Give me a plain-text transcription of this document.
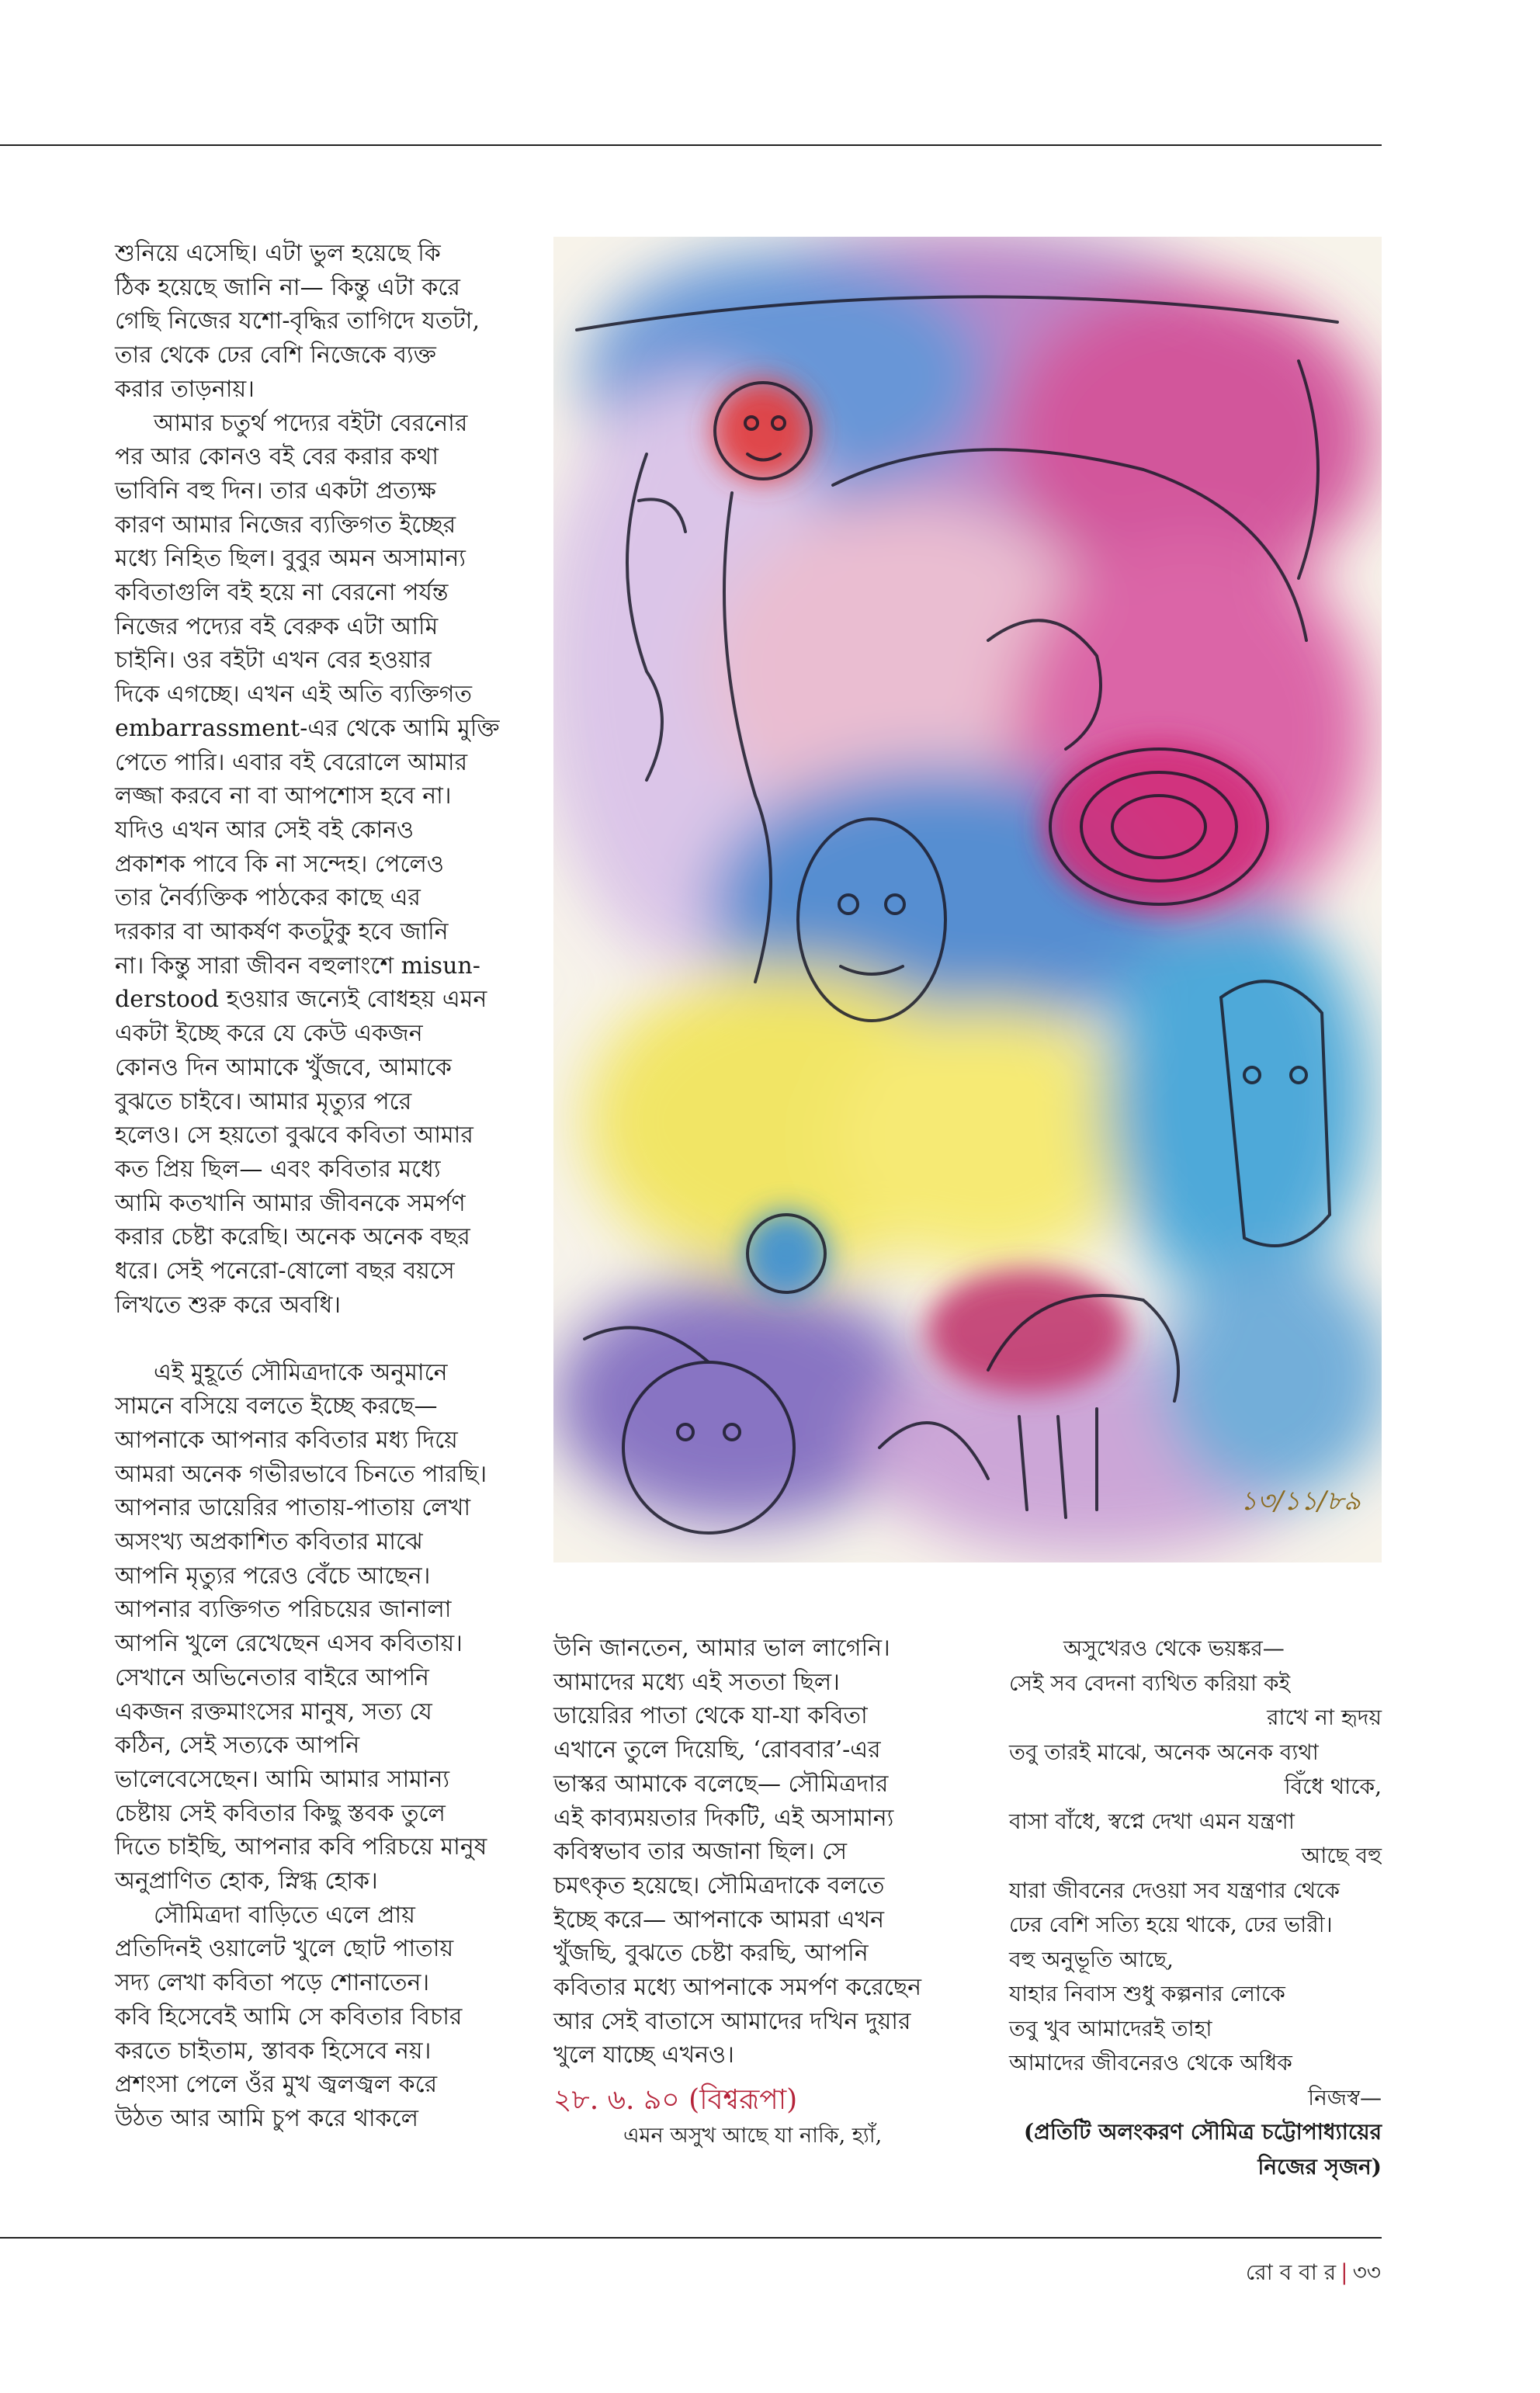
শুনিয়ে এসেছি। এটা ভুল হয়েছে কি
ঠিক হয়েছে জানি না— কিন্তু এটা করে
গেছি নিজের যশো-বৃদ্ধির তাগিদে যতটা,
তার থেকে ঢের বেশি নিজেকে ব্যক্ত
করার তাড়নায়।

আমার চতুর্থ পদ্যের বইটা বেরনোর
পর আর কোনও বই বের করার কথা
ভাবিনি বহু দিন। তার একটা প্রত্যক্ষ
কারণ আমার নিজের ব্যক্তিগত ইচ্ছের
মধ্যে নিহিত ছিল। বুবুর অমন অসামান্য
কবিতাগুলি বই হয়ে না বেরনো পর্যন্ত
নিজের পদ্যের বই বেরুক এটা আমি
চাইনি। ওর বইটা এখন বের হওয়ার
দিকে এগচ্ছে। এখন এই অতি ব্যক্তিগত
embarrassment-এর থেকে আমি মুক্তি
পেতে পারি। এবার বই বেরোলে আমার
লজ্জা করবে না বা আপশোস হবে না।
যদিও এখন আর সেই বই কোনও
প্রকাশক পাবে কি না সন্দেহ। পেলেও
তার নৈর্ব্যক্তিক পাঠকের কাছে এর
দরকার বা আকর্ষণ কতটুকু হবে জানি
না। কিন্তু সারা জীবন বহুলাংশে misun-
derstood হওয়ার জন্যেই বোধহয় এমন
একটা ইচ্ছে করে যে কেউ একজন
কোনও দিন আমাকে খুঁজবে, আমাকে
বুঝতে চাইবে। আমার মৃত্যুর পরে
হলেও। সে হয়তো বুঝবে কবিতা আমার
কত প্রিয় ছিল— এবং কবিতার মধ্যে
আমি কতখানি আমার জীবনকে সমর্পণ
করার চেষ্টা করেছি। অনেক অনেক বছর
ধরে। সেই পনেরো-ষোলো বছর বয়সে
লিখতে শুরু করে অবধি।

এই মুহূর্তে সৌমিত্রদাকে অনুমানে
সামনে বসিয়ে বলতে ইচ্ছে করছে—
আপনাকে আপনার কবিতার মধ্য দিয়ে
আমরা অনেক গভীরভাবে চিনতে পারছি।
আপনার ডায়েরির পাতায়-পাতায় লেখা
অসংখ্য অপ্রকাশিত কবিতার মাঝে
আপনি মৃত্যুর পরেও বেঁচে আছেন।
আপনার ব্যক্তিগত পরিচয়ের জানালা
আপনি খুলে রেখেছেন এসব কবিতায়।
সেখানে অভিনেতার বাইরে আপনি
একজন রক্তমাংসের মানুষ, সত্য যে
কঠিন, সেই সত্যকে আপনি
ভালেবেসেছেন। আমি আমার সামান্য
চেষ্টায় সেই কবিতার কিছু স্তবক তুলে
দিতে চাইছি, আপনার কবি পরিচয়ে মানুষ
অনুপ্রাণিত হোক, স্নিগ্ধ হোক।

সৌমিত্রদা বাড়িতে এলে প্রায়
প্রতিদিনই ওয়ালেট খুলে ছোট পাতায়
সদ্য লেখা কবিতা পড়ে শোনাতেন।
কবি হিসেবেই আমি সে কবিতার বিচার
করতে চাইতাম, স্তাবক হিসেবে নয়।
প্রশংসা পেলে ওঁর মুখ জ্বলজ্বল করে
উঠত আর আমি চুপ করে থাকলে

১৩/১১/৮৯

উনি জানতেন, আমার ভাল লাগেনি।
আমাদের মধ্যে এই সততা ছিল।
ডায়েরির পাতা থেকে যা-যা কবিতা
এখানে তুলে দিয়েছি, ‘রোববার’-এর
ভাস্কর আমাকে বলেছে— সৌমিত্রদার
এই কাব্যময়তার দিকটি, এই অসামান্য
কবিস্বভাব তার অজানা ছিল। সে
চমৎকৃত হয়েছে। সৌমিত্রদাকে বলতে
ইচ্ছে করে— আপনাকে আমরা এখন
খুঁজছি, বুঝতে চেষ্টা করছি, আপনি
কবিতার মধ্যে আপনাকে সমর্পণ করেছেন
আর সেই বাতাসে আমাদের দখিন দুয়ার
খুলে যাচ্ছে এখনও।

২৮. ৬. ৯০ (বিশ্বরূপা)

এমন অসুখ আছে যা নাকি, হ্যাঁ,

অসুখেরও থেকে ভয়ঙ্কর—
সেই সব বেদনা ব্যথিত করিয়া কই
রাখে না হৃদয়
তবু তারই মাঝে, অনেক অনেক ব্যথা
বিঁধে থাকে,
বাসা বাঁধে, স্বপ্নে দেখা এমন যন্ত্রণা
আছে বহু
যারা জীবনের দেওয়া সব যন্ত্রণার থেকে
ঢের বেশি সত্যি হয়ে থাকে, ঢের ভারী।
বহু অনুভূতি আছে,
যাহার নিবাস শুধু কল্পনার লোকে
তবু খুব আমাদেরই তাহা
আমাদের জীবনেরও থেকে অধিক
নিজস্ব—

(প্রতিটি অলংকরণ সৌমিত্র চট্টোপাধ্যায়ের
নিজের সৃজন)

রো ব বা র | ৩৩
